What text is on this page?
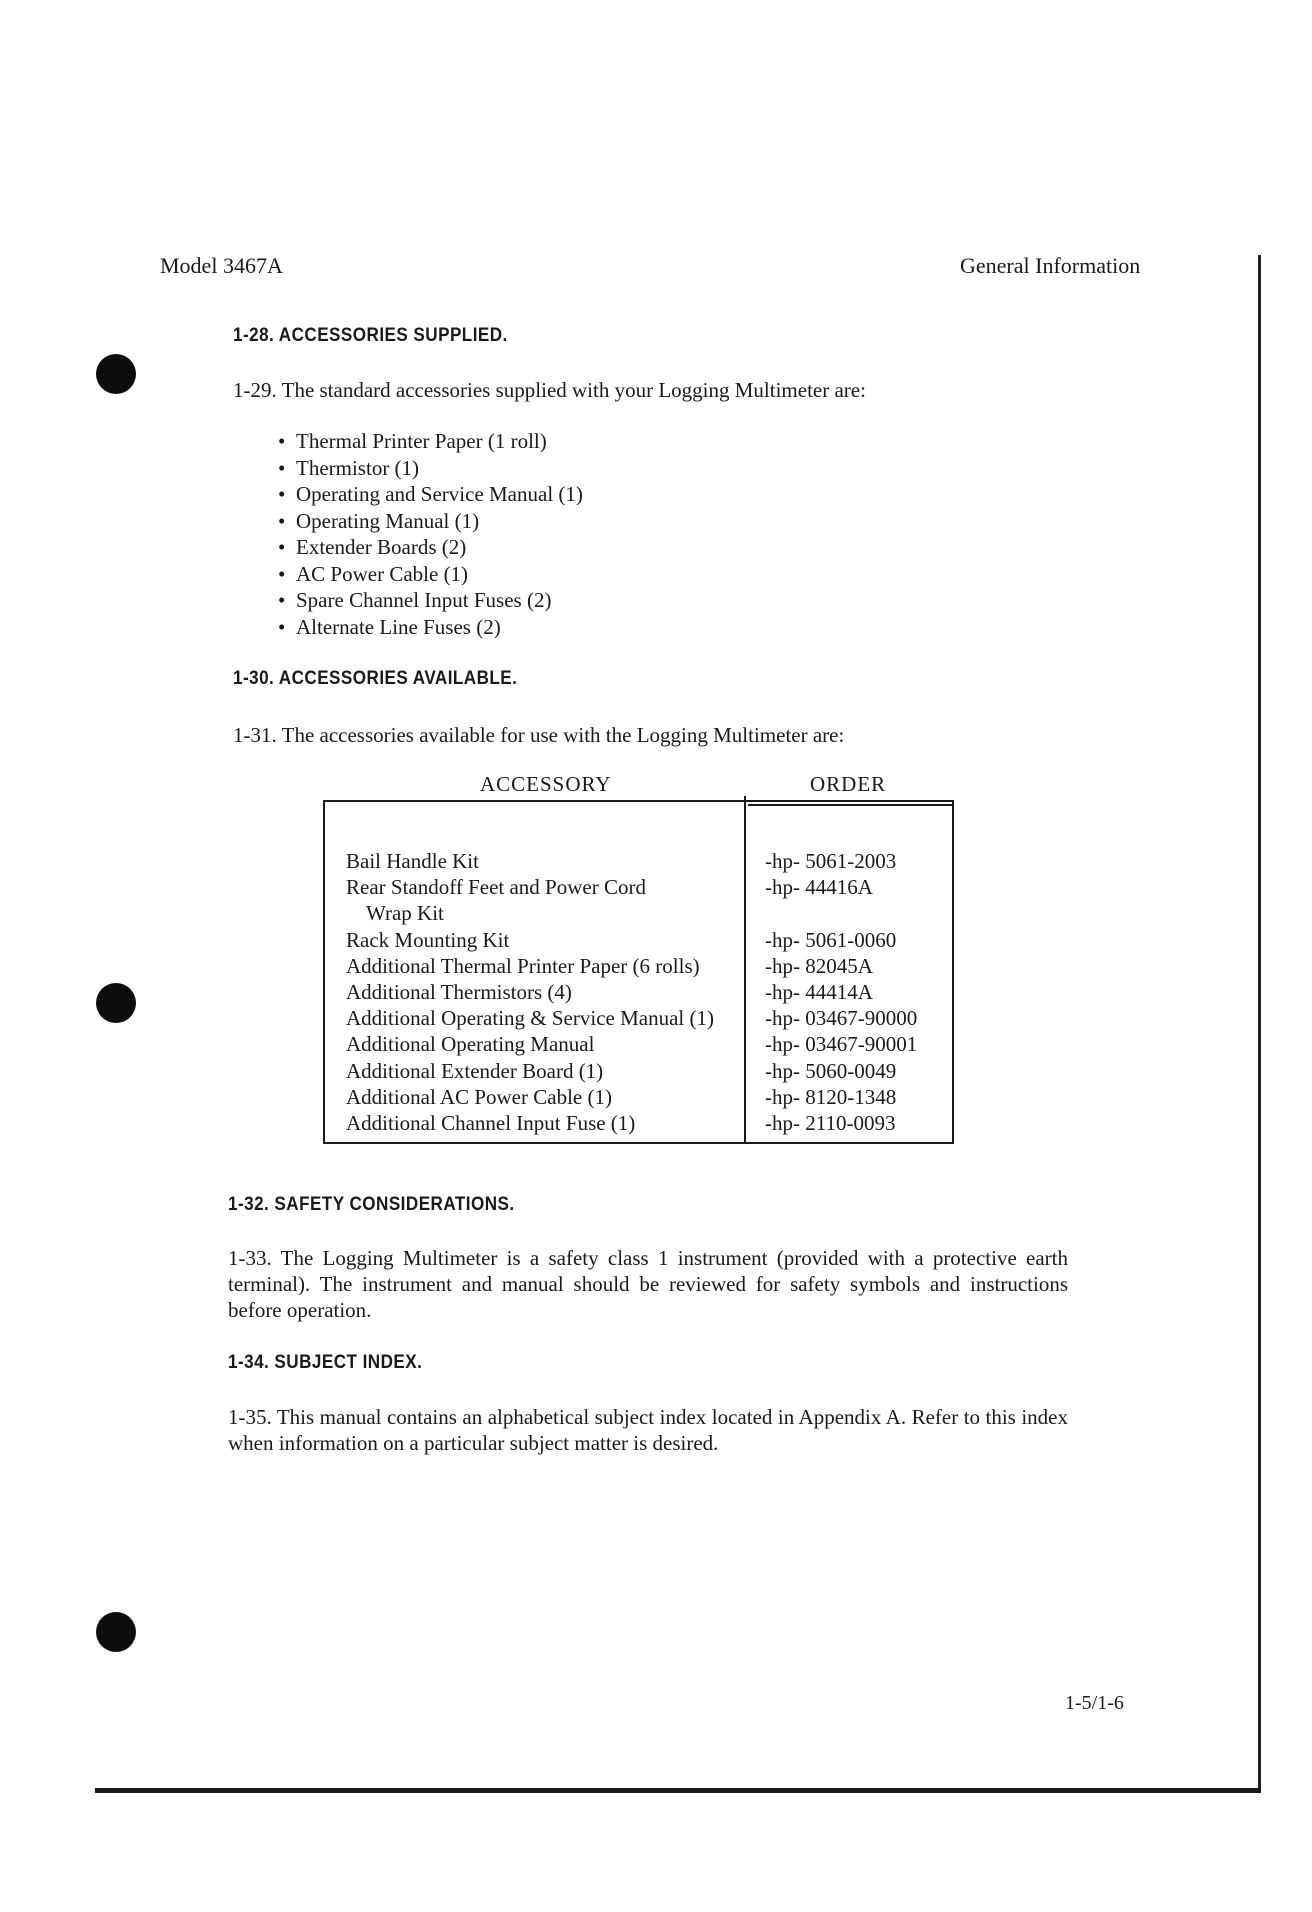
Model 3467A	General Information
1-28. ACCESSORIES SUPPLIED.
1-29. The standard accessories supplied with your Logging Multimeter are:
• Thermal Printer Paper (1 roll)
• Thermistor (1)
• Operating and Service Manual (1)
• Operating Manual (1)
• Extender Boards (2)
• AC Power Cable (1)
• Spare Channel Input Fuses (2)
• Alternate Line Fuses (2)
1-30. ACCESSORIES AVAILABLE.
1-31. The accessories available for use with the Logging Multimeter are:
ACCESSORY	ORDER
Bail Handle Kit
Rear Standoff Feet and Power Cord
Wrap Kit
Rack Mounting Kit
Additional Thermal Printer Paper (6 rolls)
Additional Thermistors (4)
Additional Operating & Service Manual (1)
Additional Operating Manual
Additional Extender Board (1)
Additional AC Power Cable (1)
Additional Channel Input Fuse (1)
-hp- 5061-2003
-hp- 44416A

-hp- 5061-0060
-hp- 82045A
-hp- 44414A
-hp- 03467-90000
-hp- 03467-90001
-hp- 5060-0049
-hp- 8120-1348
-hp- 2110-0093
1-32. SAFETY CONSIDERATIONS.
1-33. The Logging Multimeter is a safety class 1 instrument (provided with a protective earth terminal). The instrument and manual should be reviewed for safety symbols and instructions before operation.
1-34. SUBJECT INDEX.
1-35. This manual contains an alphabetical subject index located in Appendix A. Refer to this index when information on a particular subject matter is desired.
1-5/1-6
